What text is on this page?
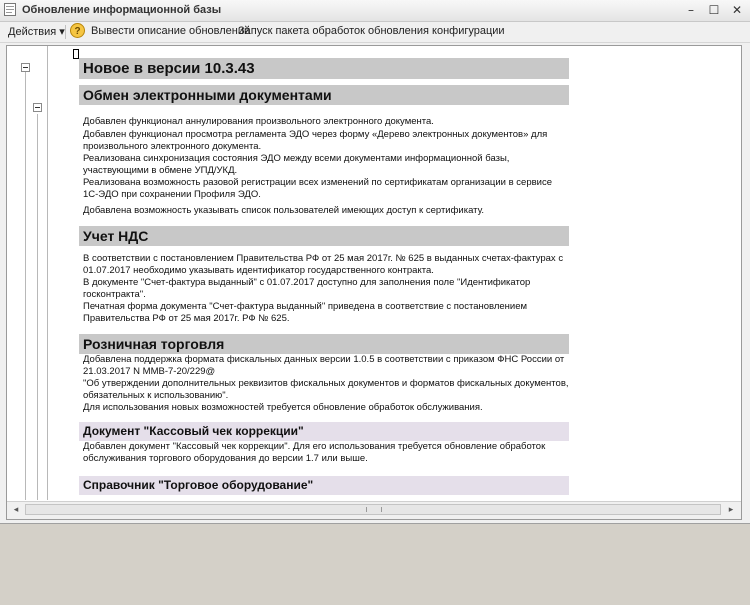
Обновление информационной базы	–	☐	✕
Действия ▾ ? Вывести описание обновлений
Запуск пакета обработок обновления конфигурации
Новое в версии 10.3.43
Обмен электронными документами
Добавлен функционал аннулирования произвольного электронного документа.
Добавлен функционал просмотра регламента ЭДО через форму «Дерево электронных документов» для произвольного электронного документа.
Реализована синхронизация состояния ЭДО между всеми документами информационной базы, участвующими в обмене УПД/УКД.
Реализована возможность разовой регистрации всех изменений по сертификатам организации в сервисе 1С-ЭДО при сохранении Профиля ЭДО.
Добавлена возможность указывать список пользователей имеющих доступ к сертификату.
Учет НДС
В соответствии с постановлением Правительства РФ от 25 мая 2017г. № 625 в выданных счетах-фактурах с 01.07.2017 необходимо указывать идентификатор государственного контракта.
В документе "Счет-фактура выданный" с 01.07.2017 доступно для заполнения поле "Идентификатор госконтракта".
Печатная форма документа "Счет-фактура выданный" приведена в соответствие с постановлением Правительства РФ от 25 мая 2017г. РФ № 625.
Розничная торговля
Добавлена поддержка формата фискальных данных версии 1.0.5 в соответствии с приказом ФНС России от 21.03.2017 N ММВ-7-20/229@
"Об утверждении дополнительных реквизитов фискальных документов и форматов фискальных документов, обязательных к использованию".
Для использования новых возможностей требуется обновление обработок обслуживания.
Документ "Кассовый чек коррекции"
Добавлен документ "Кассовый чек коррекции". Для его использования требуется обновление обработок обслуживания торгового оборудования до версии 1.7 или выше.
Справочник "Торговое оборудование"
◂	▸
